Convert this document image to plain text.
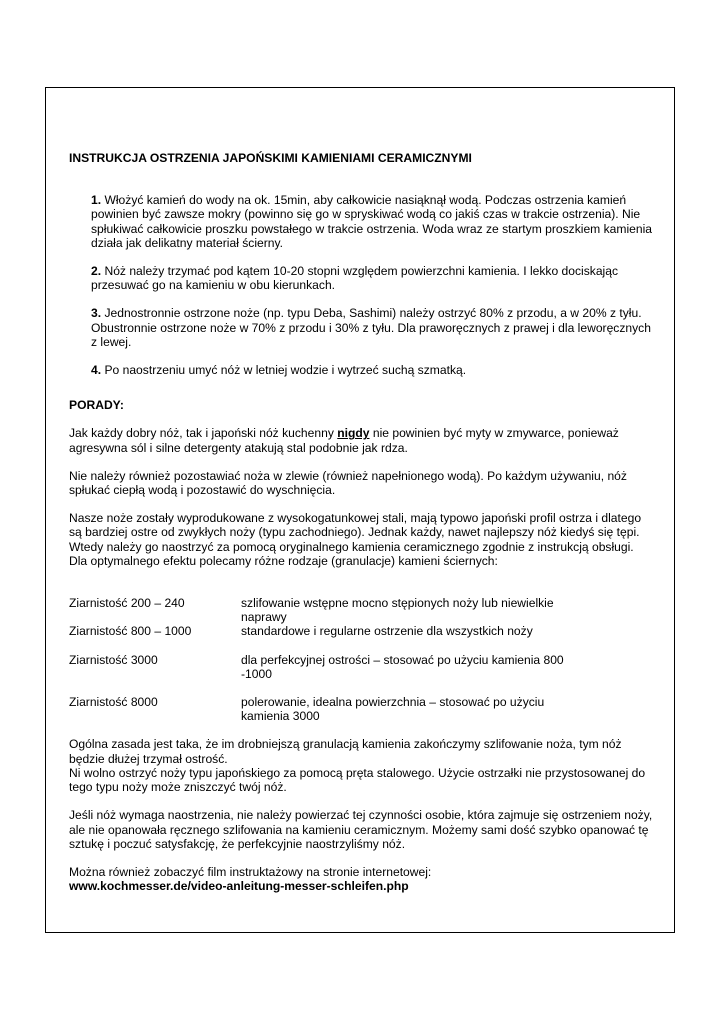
INSTRUKCJA OSTRZENIA JAPOŃSKIMI KAMIENIAMI CERAMICZNYMI

1. Włożyć kamień do wody na ok. 15min, aby całkowicie nasiąknął wodą. Podczas ostrzenia kamień powinien być zawsze mokry (powinno się go w spryskiwać wodą co jakiś czas w trakcie ostrzenia). Nie spłukiwać całkowicie proszku powstałego w trakcie ostrzenia. Woda wraz ze startym proszkiem kamienia działa jak delikatny materiał ścierny.

2. Nóż należy trzymać pod kątem 10-20 stopni względem powierzchni kamienia. I lekko dociskając przesuwać go na kamieniu w obu kierunkach.

3. Jednostronnie ostrzone noże (np. typu Deba, Sashimi) należy ostrzyć 80% z przodu, a w 20% z tyłu. Obustronnie ostrzone noże w 70% z przodu i 30% z tyłu. Dla praworęcznych z prawej i dla leworęcznych z lewej.

4. Po naostrzeniu umyć nóż w letniej wodzie i wytrzeć suchą szmatką.

PORADY:

Jak każdy dobry nóż, tak i japoński nóż kuchenny nigdy nie powinien być myty w zmywarce, ponieważ agresywna sól i silne detergenty atakują stal podobnie jak rdza.

Nie należy również pozostawiać noża w zlewie (również napełnionego wodą). Po każdym używaniu, nóż spłukać ciepłą wodą i pozostawić do wyschnięcia.

Nasze noże zostały wyprodukowane z wysokogatunkowej stali, mają typowo japoński profil ostrza i dlatego są bardziej ostre od zwykłych noży (typu zachodniego). Jednak każdy, nawet najlepszy nóż kiedyś się tępi. Wtedy należy go naostrzyć za pomocą oryginalnego kamienia ceramicznego zgodnie z instrukcją obsługi. Dla optymalnego efektu polecamy różne rodzaje (granulacje) kamieni ściernych:

Ziarnistość 200 – 240	szlifowanie wstępne mocno stępionych noży lub niewielkie naprawy
Ziarnistość 800 – 1000	standardowe i regularne ostrzenie dla wszystkich noży
Ziarnistość 3000	dla perfekcyjnej ostrości – stosować po użyciu kamienia 800 -1000
Ziarnistość 8000	polerowanie, idealna powierzchnia – stosować po użyciu kamienia 3000
Ogólna zasada jest taka, że im drobniejszą granulacją kamienia zakończymy szlifowanie noża, tym nóż będzie dłużej trzymał ostrość.
Ni wolno ostrzyć noży typu japońskiego za pomocą pręta stalowego. Użycie ostrzałki nie przystosowanej do tego typu noży może zniszczyć twój nóż.

Jeśli nóż wymaga naostrzenia, nie należy powierzać tej czynności osobie, która zajmuje się ostrzeniem noży, ale nie opanowała ręcznego szlifowania na kamieniu ceramicznym. Możemy sami dość szybko opanować tę sztukę i poczuć satysfakcję, że perfekcyjnie naostrzyliśmy nóż.

Można również zobaczyć film instruktażowy na stronie internetowej:
www.kochmesser.de/video-anleitung-messer-schleifen.php
